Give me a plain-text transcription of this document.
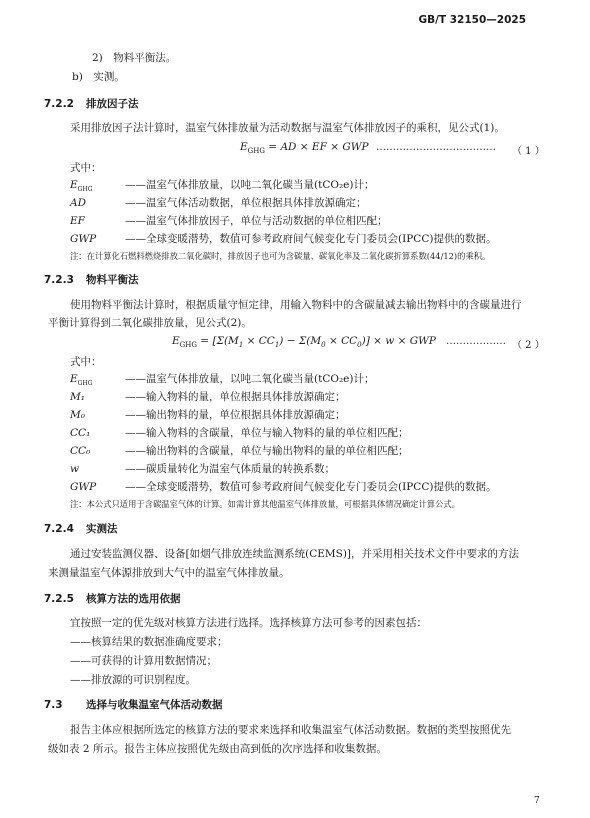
GB/T 32150—2025
2)　物料平衡法。
b)　实测。
7.2.2 排放因子法
采用排放因子法计算时，温室气体排放量为活动数据与温室气体排放因子的乘积，见公式(1)。
$E_{GHG}$ = AD × EF × GWP ……………………………… （ 1 ）
式中：
$E_{GHG}$	——温室气体排放量，以吨二氧化碳当量(tCO₂e)计；
AD	——温室气体活动数据，单位根据具体排放源确定；
EF	——温室气体排放因子，单位与活动数据的单位相匹配；
GWP	——全球变暖潜势，数值可参考政府间气候变化专门委员会(IPCC)提供的数据。
注：在计算化石燃料燃烧排放二氧化碳时，排放因子也可为含碳量、碳氧化率及二氧化碳折算系数(44/12)的乘积。
7.2.3 物料平衡法
使用物料平衡法计算时，根据质量守恒定律，用输入物料中的含碳量减去输出物料中的含碳量进行
平衡计算得到二氧化碳排放量，见公式(2)。
$E_{GHG} = [\Sigma(M_1 \times CC_1) - \Sigma(M_0 \times CC_0)] \times w$ × GWP ……………… （ 2 ）
式中：
$E_{GHG}$	——温室气体排放量，以吨二氧化碳当量(tCO₂e)计；
M₁	——输入物料的量，单位根据具体排放源确定；
M₀	——输出物料的量，单位根据具体排放源确定；
CC₁	——输入物料的含碳量，单位与输入物料的量的单位相匹配；
CC₀	——输出物料的含碳量，单位与输出物料的量的单位相匹配；
w	——碳质量转化为温室气体质量的转换系数；
GWP	——全球变暖潜势，数值可参考政府间气候变化专门委员会(IPCC)提供的数据。
注：本公式只适用于含碳温室气体的计算。如需计算其他温室气体排放量，可根据具体情况确定计算公式。
7.2.4 实测法
通过安装监测仪器、设备[如烟气排放连续监测系统(CEMS)]，并采用相关技术文件中要求的方法
来测量温室气体源排放到大气中的温室气体排放量。
7.2.5 核算方法的选用依据
宜按照一定的优先级对核算方法进行选择。选择核算方法可参考的因素包括：
——核算结果的数据准确度要求；
——可获得的计算用数据情况；
——排放源的可识别程度。
7.3 选择与收集温室气体活动数据
报告主体应根据所选定的核算方法的要求来选择和收集温室气体活动数据。数据的类型按照优先
级如表 2 所示。报告主体应按照优先级由高到低的次序选择和收集数据。
7
